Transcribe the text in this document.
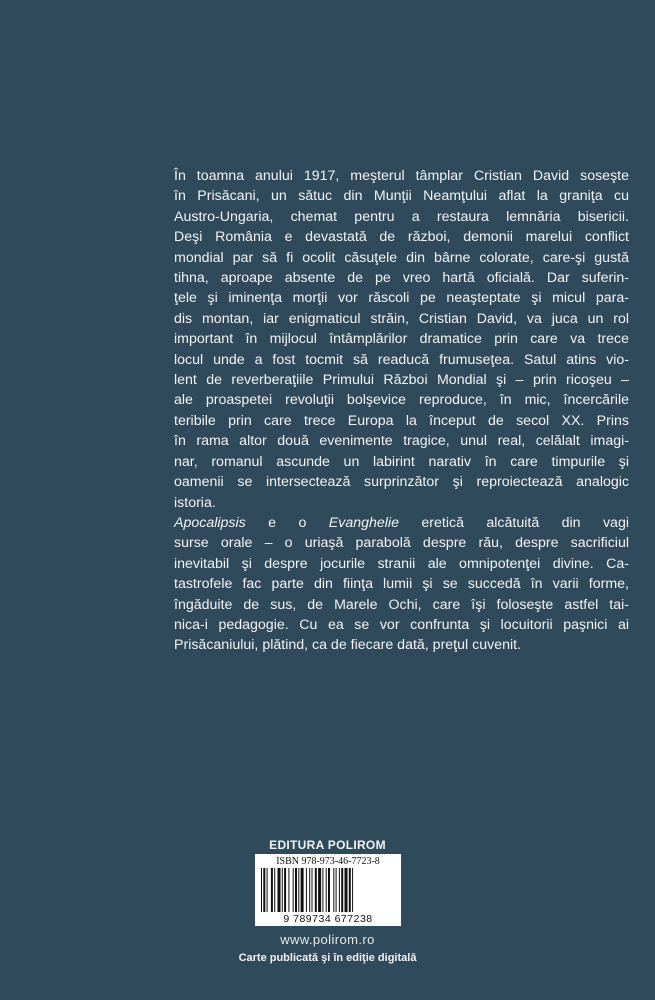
În toamna anului 1917, meşterul tâmplar Cristian David soseşte
în Prisăcani, un sătuc din Munţii Neamţului aflat la graniţa cu
Austro-Ungaria, chemat pentru a restaura lemnăria bisericii.
Deşi România e devastată de război, demonii marelui conflict
mondial par să fi ocolit căsuţele din bârne colorate, care-şi gustă
tihna, aproape absente de pe vreo hartă oficială. Dar suferin-
ţele şi iminenţa morţii vor răscoli pe neaşteptate şi micul para-
dis montan, iar enigmaticul străin, Cristian David, va juca un rol
important în mijlocul întâmplărilor dramatice prin care va trece
locul unde a fost tocmit să readucă frumuseţea. Satul atins vio-
lent de reverberaţiile Primului Război Mondial şi – prin ricoşeu –
ale proaspetei revoluţii bolşevice reproduce, în mic, încercările
teribile prin care trece Europa la început de secol XX. Prins
în rama altor două evenimente tragice, unul real, celălalt imagi-
nar, romanul ascunde un labirint narativ în care timpurile şi
oamenii se intersectează surprinzător şi reproiectează analogic
istoria.
Apocalipsis e o Evanghelie eretică alcătuită din vagi
surse orale – o uriaşă parabolă despre rău, despre sacrificiul
inevitabil şi despre jocurile stranii ale omnipotenţei divine. Ca-
tastrofele fac parte din fiinţa lumii şi se succedă în varii forme,
îngăduite de sus, de Marele Ochi, care îşi foloseşte astfel tai-
nica-i pedagogie. Cu ea se vor confrunta şi locuitorii paşnici ai
Prisăcaniului, plătind, ca de fiecare dată, preţul cuvenit.
EDITURA POLIROM
ISBN 978-973-46-7723-8
9 789734 677238
www.polirom.ro
Carte publicată şi în ediţie digitală
